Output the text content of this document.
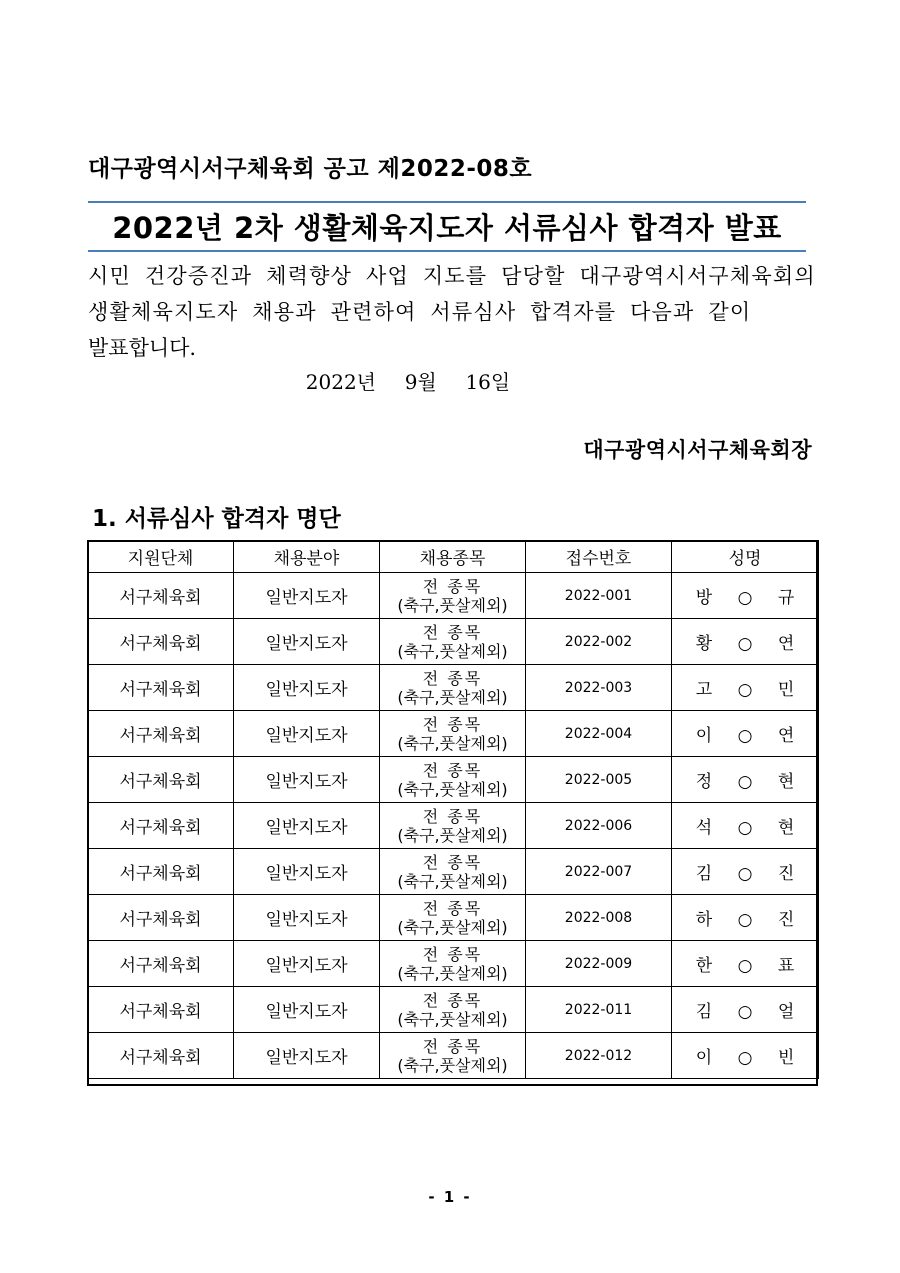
대구광역시서구체육회 공고 제2022-08호
2022년 2차 생활체육지도자 서류심사 합격자 발표
시민 건강증진과 체력향상 사업 지도를 담당할 대구광역시서구체육회의
생활체육지도자 채용과 관련하여 서류심사 합격자를 다음과 같이
발표합니다.
2022년  9월  16일
대구광역시서구체육회장
1. 서류심사 합격자 명단
지원단체	채용분야	채용종목	접수번호	성명
서구체육회	일반지도자	전 종목
(축구,풋살제외)	2022-001	방 ○ 규
서구체육회	일반지도자	전 종목
(축구,풋살제외)	2022-002	황 ○ 연
서구체육회	일반지도자	전 종목
(축구,풋살제외)	2022-003	고 ○ 민
서구체육회	일반지도자	전 종목
(축구,풋살제외)	2022-004	이 ○ 연
서구체육회	일반지도자	전 종목
(축구,풋살제외)	2022-005	정 ○ 현
서구체육회	일반지도자	전 종목
(축구,풋살제외)	2022-006	석 ○ 현
서구체육회	일반지도자	전 종목
(축구,풋살제외)	2022-007	김 ○ 진
서구체육회	일반지도자	전 종목
(축구,풋살제외)	2022-008	하 ○ 진
서구체육회	일반지도자	전 종목
(축구,풋살제외)	2022-009	한 ○ 표
서구체육회	일반지도자	전 종목
(축구,풋살제외)	2022-011	김 ○ 얼
서구체육회	일반지도자	전 종목
(축구,풋살제외)	2022-012	이 ○ 빈
- 1 -
